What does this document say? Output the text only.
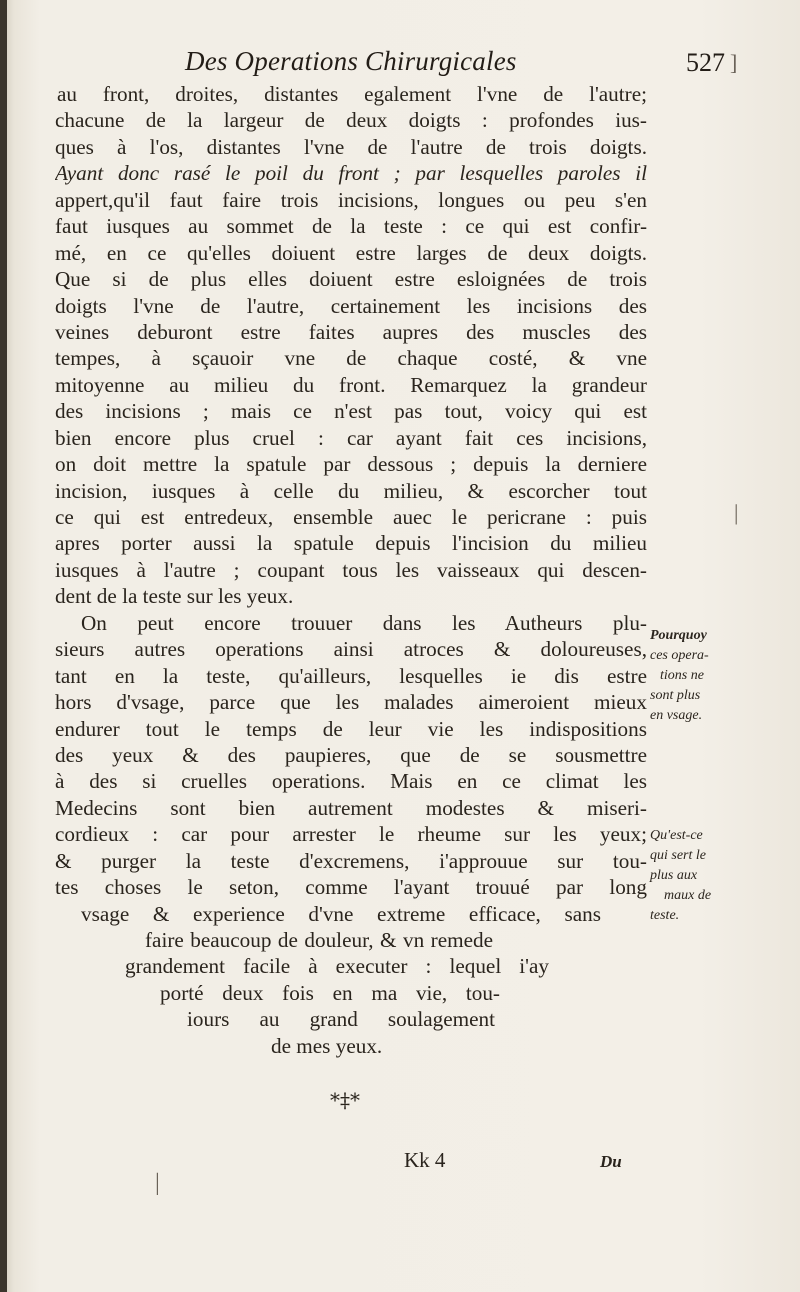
Des Operations Chirurgicales	527
au front, droites, distantes egalement l'vne de l'autre;
chacune de la largeur de deux doigts : profondes ius-
ques à l'os, distantes l'vne de l'autre de trois doigts.
Ayant donc rasé le poil du front ; par lesquelles paroles il
appert,qu'il faut faire trois incisions, longues ou peu s'en
faut iusques au sommet de la teste : ce qui est confir-
mé, en ce qu'elles doiuent estre larges de deux doigts.
Que si de plus elles doiuent estre esloignées de trois
doigts l'vne de l'autre, certainement les incisions des
veines deburont estre faites aupres des muscles des
tempes, à sçauoir vne de chaque costé, & vne
mitoyenne au milieu du front. Remarquez la grandeur
des incisions ; mais ce n'est pas tout, voicy qui est
bien encore plus cruel : car ayant fait ces incisions,
on doit mettre la spatule par dessous ; depuis la derniere
incision, iusques à celle du milieu, & escorcher tout
ce qui est entredeux, ensemble auec le pericrane : puis
apres porter aussi la spatule depuis l'incision du milieu
iusques à l'autre ; coupant tous les vaisseaux qui descen-
dent de la teste sur les yeux.
On peut encore trouuer dans les Autheurs plu-
sieurs autres operations ainsi atroces & doloureuses,
tant en la teste, qu'ailleurs, lesquelles ie dis estre
hors d'vsage, parce que les malades aimeroient mieux
endurer tout le temps de leur vie les indispositions
des yeux & des paupieres, que de se sousmettre
à des si cruelles operations. Mais en ce climat les
Medecins sont bien autrement modestes & miseri-
cordieux : car pour arrester le rheume sur les yeux;
& purger la teste d'excremens, i'approuue sur tou-
tes choses le seton, comme l'ayant trouué par long
vsage & experience d'vne extreme efficace, sans
faire beaucoup de douleur, & vn remede
grandement facile à executer : lequel i'ay
porté deux fois en ma vie, tou-
iours au grand soulagement
de mes yeux.
Pourquoy
ces opera-
tions ne
sont plus
en vsage.
Qu'est-ce
qui sert le
plus aux
maux de
teste.
*‡*
Kk 4	Du
]
|
|
